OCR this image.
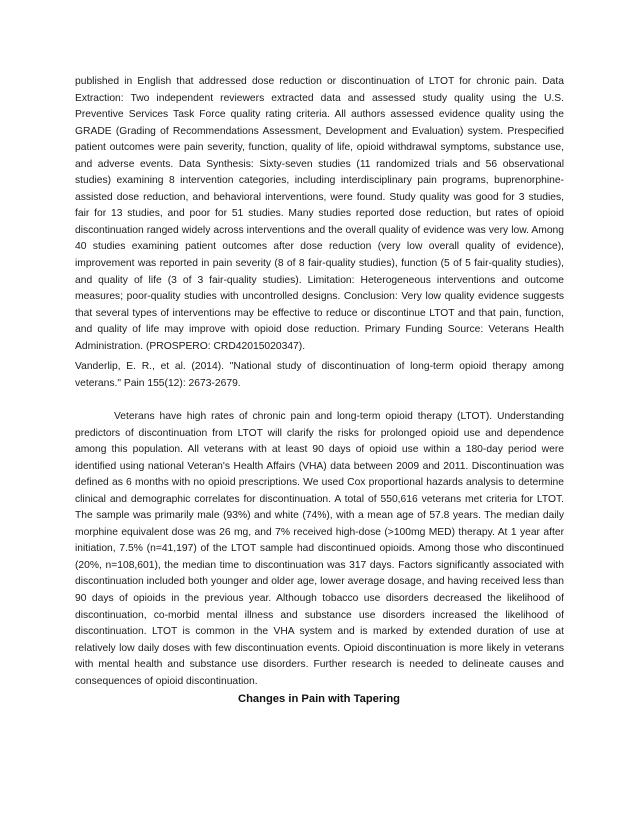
published in English that addressed dose reduction or discontinuation of LTOT for chronic pain. Data Extraction: Two independent reviewers extracted data and assessed study quality using the U.S. Preventive Services Task Force quality rating criteria. All authors assessed evidence quality using the GRADE (Grading of Recommendations Assessment, Development and Evaluation) system. Prespecified patient outcomes were pain severity, function, quality of life, opioid withdrawal symptoms, substance use, and adverse events. Data Synthesis: Sixty-seven studies (11 randomized trials and 56 observational studies) examining 8 intervention categories, including interdisciplinary pain programs, buprenorphine-assisted dose reduction, and behavioral interventions, were found. Study quality was good for 3 studies, fair for 13 studies, and poor for 51 studies. Many studies reported dose reduction, but rates of opioid discontinuation ranged widely across interventions and the overall quality of evidence was very low. Among 40 studies examining patient outcomes after dose reduction (very low overall quality of evidence), improvement was reported in pain severity (8 of 8 fair-quality studies), function (5 of 5 fair-quality studies), and quality of life (3 of 3 fair-quality studies). Limitation: Heterogeneous interventions and outcome measures; poor-quality studies with uncontrolled designs. Conclusion: Very low quality evidence suggests that several types of interventions may be effective to reduce or discontinue LTOT and that pain, function, and quality of life may improve with opioid dose reduction. Primary Funding Source: Veterans Health Administration. (PROSPERO: CRD42015020347).

Vanderlip, E. R., et al. (2014). "National study of discontinuation of long-term opioid therapy among veterans." Pain 155(12): 2673-2679.

Veterans have high rates of chronic pain and long-term opioid therapy (LTOT). Understanding predictors of discontinuation from LTOT will clarify the risks for prolonged opioid use and dependence among this population. All veterans with at least 90 days of opioid use within a 180-day period were identified using national Veteran's Health Affairs (VHA) data between 2009 and 2011. Discontinuation was defined as 6 months with no opioid prescriptions. We used Cox proportional hazards analysis to determine clinical and demographic correlates for discontinuation. A total of 550,616 veterans met criteria for LTOT. The sample was primarily male (93%) and white (74%), with a mean age of 57.8 years. The median daily morphine equivalent dose was 26 mg, and 7% received high-dose (>100mg MED) therapy. At 1 year after initiation, 7.5% (n=41,197) of the LTOT sample had discontinued opioids. Among those who discontinued (20%, n=108,601), the median time to discontinuation was 317 days. Factors significantly associated with discontinuation included both younger and older age, lower average dosage, and having received less than 90 days of opioids in the previous year. Although tobacco use disorders decreased the likelihood of discontinuation, co-morbid mental illness and substance use disorders increased the likelihood of discontinuation. LTOT is common in the VHA system and is marked by extended duration of use at relatively low daily doses with few discontinuation events. Opioid discontinuation is more likely in veterans with mental health and substance use disorders. Further research is needed to delineate causes and consequences of opioid discontinuation.

Changes in Pain with Tapering
